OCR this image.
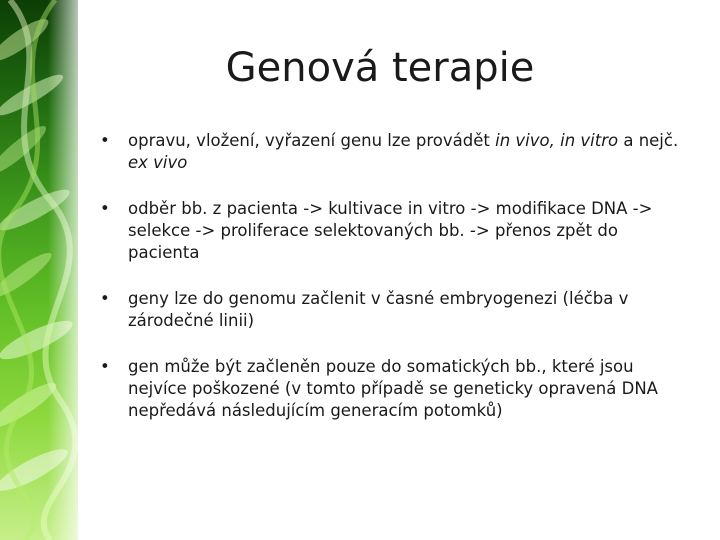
Genová terapie
• opravu, vložení, vyřazení genu lze provádět in vivo, in vitro a nejč. ex vivo
• odběr bb. z pacienta -> kultivace in vitro -> modifikace DNA -> selekce -> proliferace selektovaných bb. -> přenos zpět do pacienta
• geny lze do genomu začlenit v časné embryogenezi (léčba v zárodečné linii)
• gen může být začleněn pouze do somatických bb., které jsou nejvíce poškozené (v tomto případě se geneticky opravená DNA nepředává následujícím generacím potomků)
